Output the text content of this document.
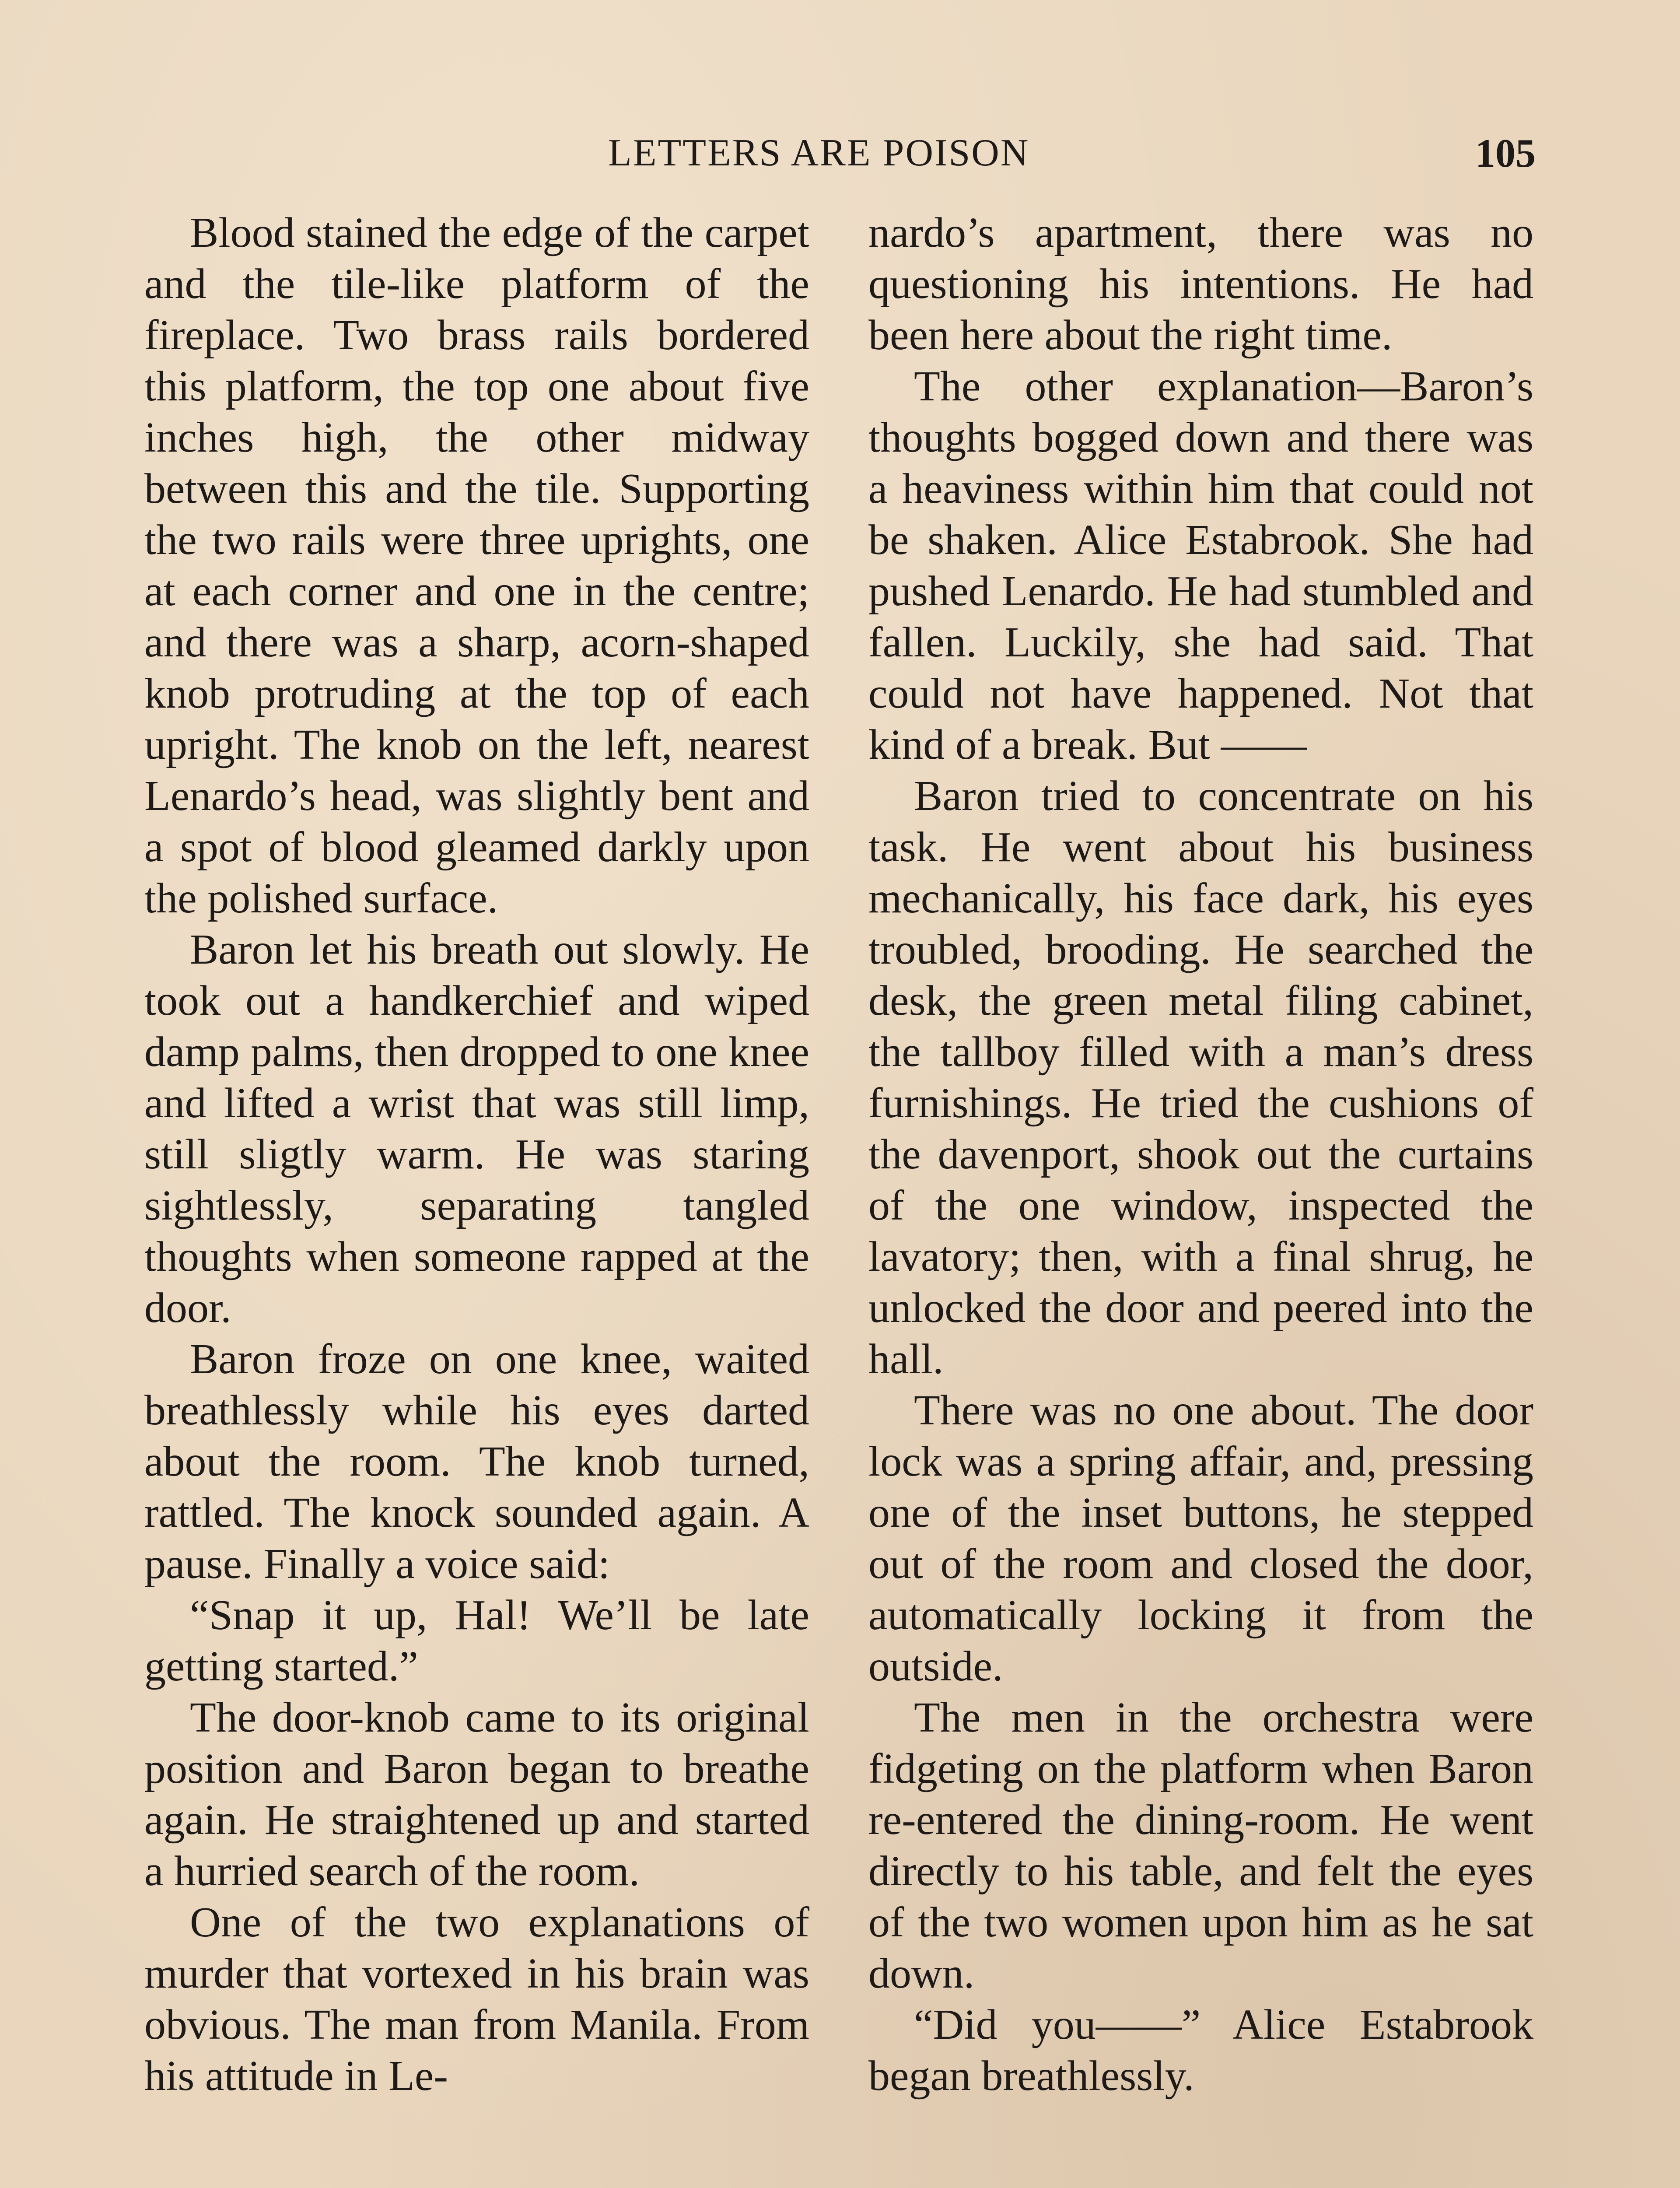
LETTERS ARE POISON	105

Blood stained the edge of the carpet and the tile-like platform of the fireplace. Two brass rails bordered this platform, the top one about five inches high, the other midway between this and the tile. Supporting the two rails were three uprights, one at each corner and one in the centre; and there was a sharp, acorn-shaped knob protruding at the top of each upright. The knob on the left, nearest Lenardo’s head, was slightly bent and a spot of blood gleamed darkly upon the polished surface.

Baron let his breath out slowly. He took out a handkerchief and wiped damp palms, then dropped to one knee and lifted a wrist that was still limp, still sligtly warm. He was staring sightlessly, separating tangled thoughts when someone rapped at the door.

Baron froze on one knee, waited breathlessly while his eyes darted about the room. The knob turned, rattled. The knock sounded again. A pause. Finally a voice said:

“Snap it up, Hal! We’ll be late getting started.”

The door-knob came to its original position and Baron began to breathe again. He straightened up and started a hurried search of the room.

One of the two explanations of murder that vortexed in his brain was obvious. The man from Manila. From his attitude in Le-

nardo’s apartment, there was no questioning his intentions. He had been here about the right time.

The other explanation—Baron’s thoughts bogged down and there was a heaviness within him that could not be shaken. Alice Estabrook. She had pushed Lenardo. He had stumbled and fallen. Luckily, she had said. That could not have happened. Not that kind of a break. But ——

Baron tried to concentrate on his task. He went about his business mechanically, his face dark, his eyes troubled, brooding. He searched the desk, the green metal filing cabinet, the tallboy filled with a man’s dress furnishings. He tried the cushions of the davenport, shook out the curtains of the one window, inspected the lavatory; then, with a final shrug, he unlocked the door and peered into the hall.

There was no one about. The door lock was a spring affair, and, pressing one of the inset buttons, he stepped out of the room and closed the door, automatically locking it from the outside.

The men in the orchestra were fidgeting on the platform when Baron re-entered the dining-room. He went directly to his table, and felt the eyes of the two women upon him as he sat down.

“Did you——” Alice Estabrook began breathlessly.
